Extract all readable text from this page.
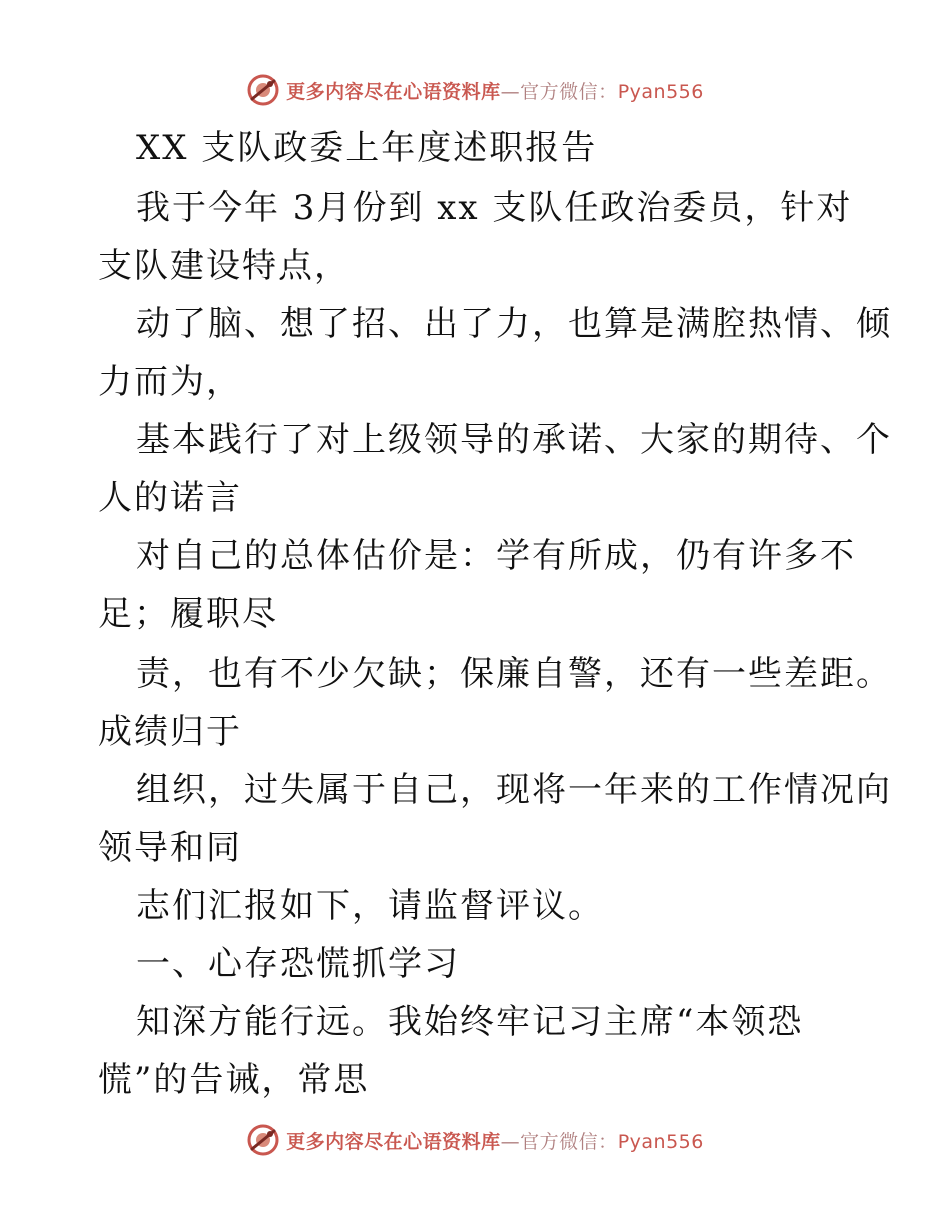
更多内容尽在心语资料库—官方微信：Pyan556
XX 支队政委上年度述职报告
我于今年 3月份到 xx 支队任政治委员，针对
支队建设特点，
动了脑、想了招、出了力，也算是满腔热情、倾
力而为，
基本践行了对上级领导的承诺、大家的期待、个
人的诺言
对自己的总体估价是：学有所成，仍有许多不
足；履职尽
责，也有不少欠缺；保廉自警，还有一些差距。
成绩归于
组织，过失属于自己，现将一年来的工作情况向
领导和同
志们汇报如下，请监督评议。
一、心存恐慌抓学习
知深方能行远。我始终牢记习主席“本领恐
慌”的告诫，常思
更多内容尽在心语资料库—官方微信：Pyan556
